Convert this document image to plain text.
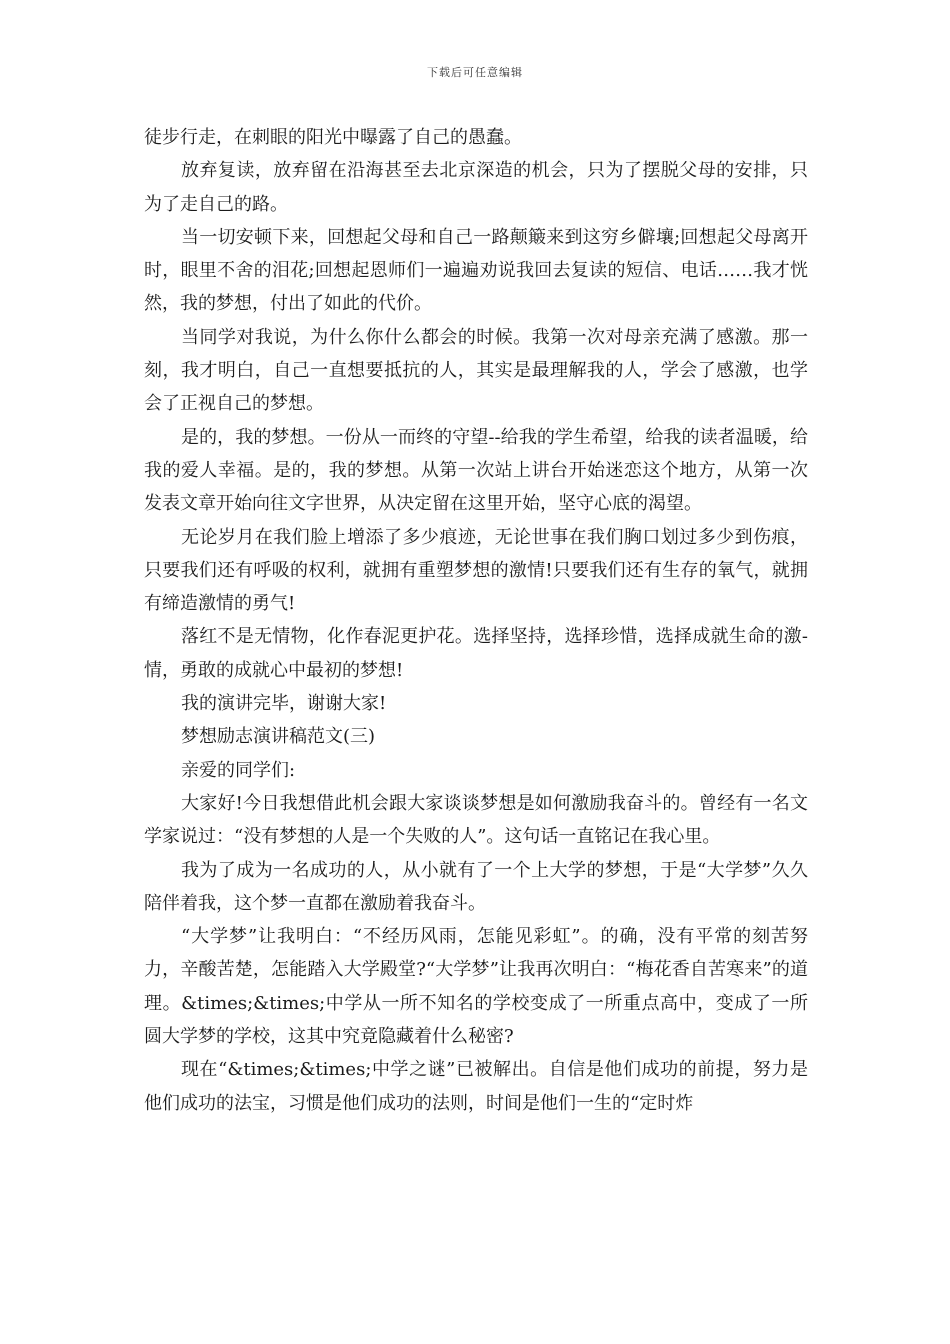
下载后可任意编辑

徒步行走，在刺眼的阳光中曝露了自己的愚蠢。

放弃复读，放弃留在沿海甚至去北京深造的机会，只为了摆脱父母的安排，只为了走自己的路。

当一切安顿下来，回想起父母和自己一路颠簸来到这穷乡僻壤;回想起父母离开时，眼里不舍的泪花;回想起恩师们一遍遍劝说我回去复读的短信、电话……我才恍然，我的梦想，付出了如此的代价。

当同学对我说，为什么你什么都会的时候。我第一次对母亲充满了感激。那一刻，我才明白，自己一直想要抵抗的人，其实是最理解我的人，学会了感激，也学会了正视自己的梦想。

是的，我的梦想。一份从一而终的守望--给我的学生希望，给我的读者温暖，给我的爱人幸福。是的，我的梦想。从第一次站上讲台开始迷恋这个地方，从第一次发表文章开始向往文字世界，从决定留在这里开始，坚守心底的渴望。

无论岁月在我们脸上增添了多少痕迹，无论世事在我们胸口划过多少到伤痕，只要我们还有呼吸的权利，就拥有重塑梦想的激情!只要我们还有生存的氧气，就拥有缔造激情的勇气!

落红不是无情物，化作春泥更护花。选择坚持，选择珍惜，选择成就生命的激-情，勇敢的成就心中最初的梦想!

我的演讲完毕，谢谢大家!

梦想励志演讲稿范文(三)

亲爱的同学们:

大家好!今日我想借此机会跟大家谈谈梦想是如何激励我奋斗的。曾经有一名文学家说过：“没有梦想的人是一个失败的人”。这句话一直铭记在我心里。

我为了成为一名成功的人，从小就有了一个上大学的梦想，于是“大学梦”久久陪伴着我，这个梦一直都在激励着我奋斗。

“大学梦”让我明白：“不经历风雨，怎能见彩虹”。的确，没有平常的刻苦努力，辛酸苦楚，怎能踏入大学殿堂?“大学梦”让我再次明白：“梅花香自苦寒来”的道理。&times;&times;中学从一所不知名的学校变成了一所重点高中，变成了一所圆大学梦的学校，这其中究竟隐藏着什么秘密?

现在“&times;&times;中学之谜”已被解出。自信是他们成功的前提，努力是他们成功的法宝，习惯是他们成功的法则，时间是他们一生的“定时炸
